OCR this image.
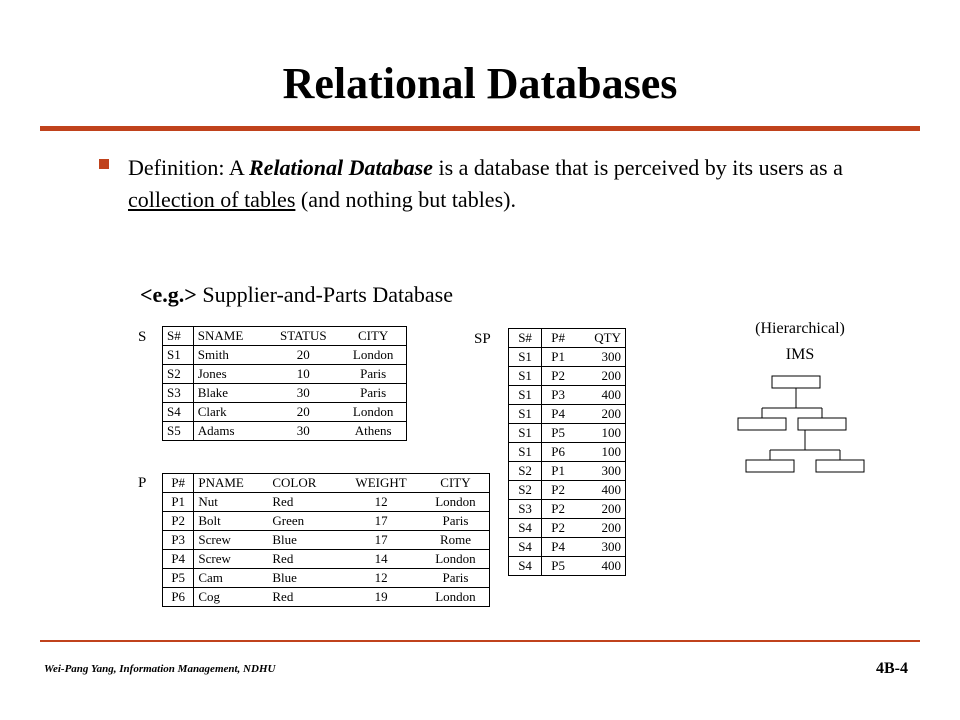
Relational Databases
Definition: A Relational Database is a database that is perceived by its users as a collection of tables (and nothing but tables).
<e.g.> Supplier-and-Parts Database
S S#	SNAME	STATUS	CITY
S1	Smith	20	London
S2	Jones	10	Paris
S3	Blake	30	Paris
S4	Clark	20	London
S5	Adams	30	Athens
P P#	PNAME	COLOR	WEIGHT	CITY
P1	Nut	Red	12	London
P2	Bolt	Green	17	Paris
P3	Screw	Blue	17	Rome
P4	Screw	Red	14	London
P5	Cam	Blue	12	Paris
P6	Cog	Red	19	London
SP S#	P#	QTY
S1	P1	300
S1	P2	200
S1	P3	400
S1	P4	200
S1	P5	100
S1	P6	100
S2	P1	300
S2	P2	400
S3	P2	200
S4	P2	200
S4	P4	300
S4	P5	400
(Hierarchical)
IMS
Wei-Pang Yang, Information Management, NDHU	4B-4
